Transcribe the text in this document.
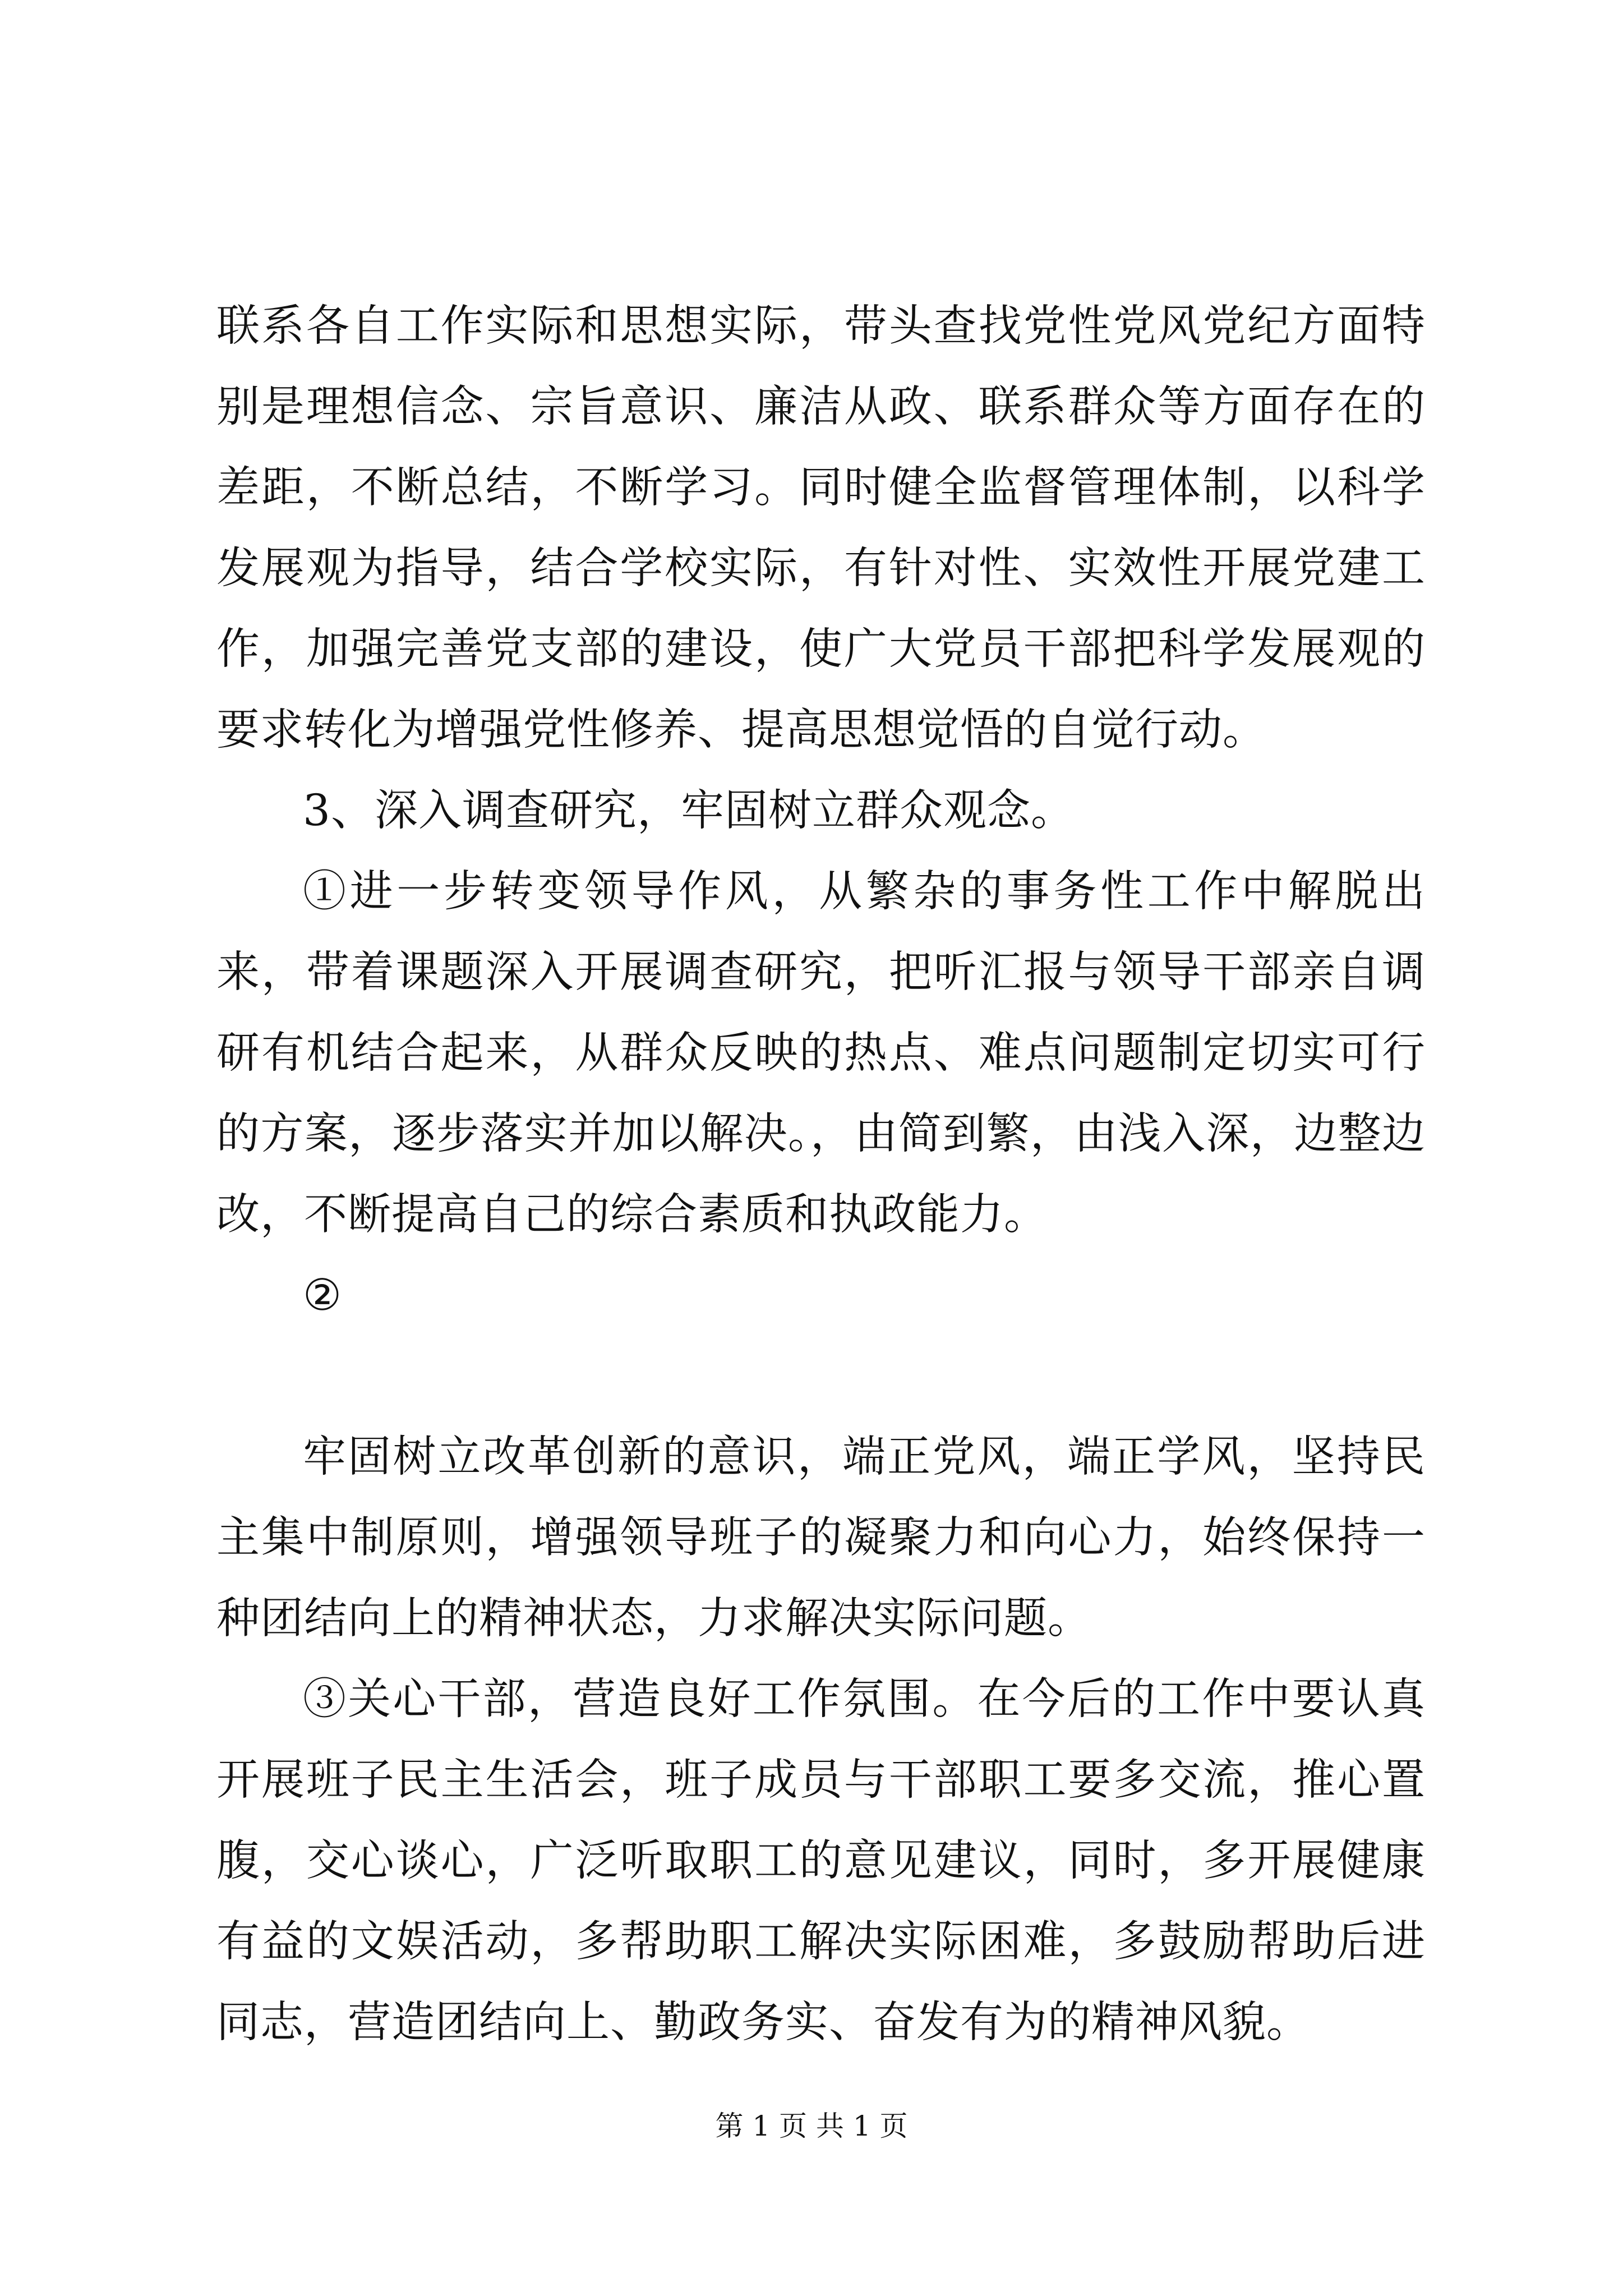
联系各自工作实际和思想实际，带头查找党性党风党纪方面特别是理想信念、宗旨意识、廉洁从政、联系群众等方面存在的差距，不断总结，不断学习。同时健全监督管理体制，以科学发展观为指导，结合学校实际，有针对性、实效性开展党建工作，加强完善党支部的建设，使广大党员干部把科学发展观的要求转化为增强党性修养、提高思想觉悟的自觉行动。

3、深入调查研究，牢固树立群众观念。

①进一步转变领导作风，从繁杂的事务性工作中解脱出来，带着课题深入开展调查研究，把听汇报与领导干部亲自调研有机结合起来，从群众反映的热点、难点问题制定切实可行的方案，逐步落实并加以解决。，由简到繁，由浅入深，边整边改，不断提高自己的综合素质和执政能力。

②

牢固树立改革创新的意识，端正党风，端正学风，坚持民主集中制原则，增强领导班子的凝聚力和向心力，始终保持一种团结向上的精神状态，力求解决实际问题。

③关心干部，营造良好工作氛围。在今后的工作中要认真开展班子民主生活会，班子成员与干部职工要多交流，推心置腹，交心谈心，广泛听取职工的意见建议，同时，多开展健康有益的文娱活动，多帮助职工解决实际困难，多鼓励帮助后进同志，营造团结向上、勤政务实、奋发有为的精神风貌。

第 1 页 共 1 页
